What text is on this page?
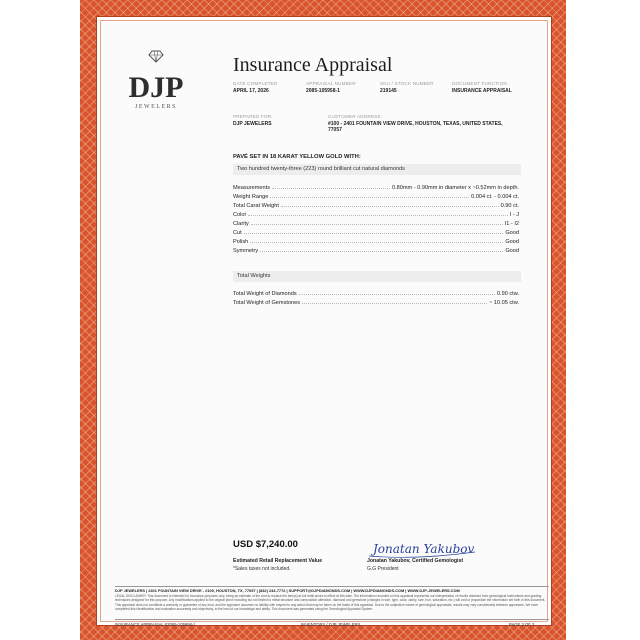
DJP
JEWELERS
Insurance Appraisal
DATE COMPLETED
APRIL 17, 2026
APPRAISAL NUMBER
2085-105958-1
SKU / STOCK NUMBER
219145
DOCUMENT FUNCTION
INSURANCE APPRAISAL
PREPARED FOR:
DJP JEWELERS
CUSTOMER ADDRESS:
#100 - 2401 FOUNTAIN VIEW DRIVE, HOUSTON, TEXAS, UNITED STATES, 77057
PAVÉ SET IN 18 KARAT YELLOW GOLD WITH:
Two hundred twenty-three (223) round brilliant cut natural diamonds
Measurements	0.80mm - 0.90mm in diameter x ~0.52mm in depth.
Weight Range	0.004 ct. - 0.004 ct.
Total Carat Weight	0.90 ct.
Color	I - J
Clarity	I1 - I2
Cut	Good
Polish	Good
Symmetry	Good
Total Weights
Total Weight of Diamonds	0.90 ctw.
Total Weight of Gemstones	~ 10.05 ctw.
USD $7,240.00
Estimated Retail Replacement Value
*Sales taxes not included.
Jonatan Yakubov
Jonatan Yakubov, Certified Gemologist
G.G President
DJP JEWELERS | 2401 FOUNTAIN VIEW DRIVE - #100, HOUSTON, TX, 77057 | (832) 244-7772 | SUPPORT@DJPDIAMONDS.COM | WWW.DJPDIAMONDS.COM | WWW.DJP-JEWELERS.COM
LEGAL DISCLAIMER: This document is intended for insurance purposes only, being an estimate of the cost to replace the item(s) at full retail prices in effect at this date. The information recorded on this appraisal represents our interpretation of results obtained from gemological instruments and grading techniques designed for this purpose. Any modifications applied to the original piece including but not limited to metal structure and composition alteration, diamond and gemstone (changes in size, type, color, clarity, size, hue, saturation, etc.) will void or jeopardize the information set forth in this document. This appraisal does not constitute a warranty or guarantee of any kind, and the appraiser assumes no liability with respect to any action that may be taken on the basis of this appraisal. Due to the subjective nature of gemological appraisals, results may vary considerably between appraisers. We have completed this identification and evaluation accurately and objectively, to the best of our knowledge and ability. This document was generated using the Gemological Appraisal System.
INSURANCE APPRAISAL #2085-105958-1	INVENTORY / DJP JEWELERS	PAGE 3 OF 3
